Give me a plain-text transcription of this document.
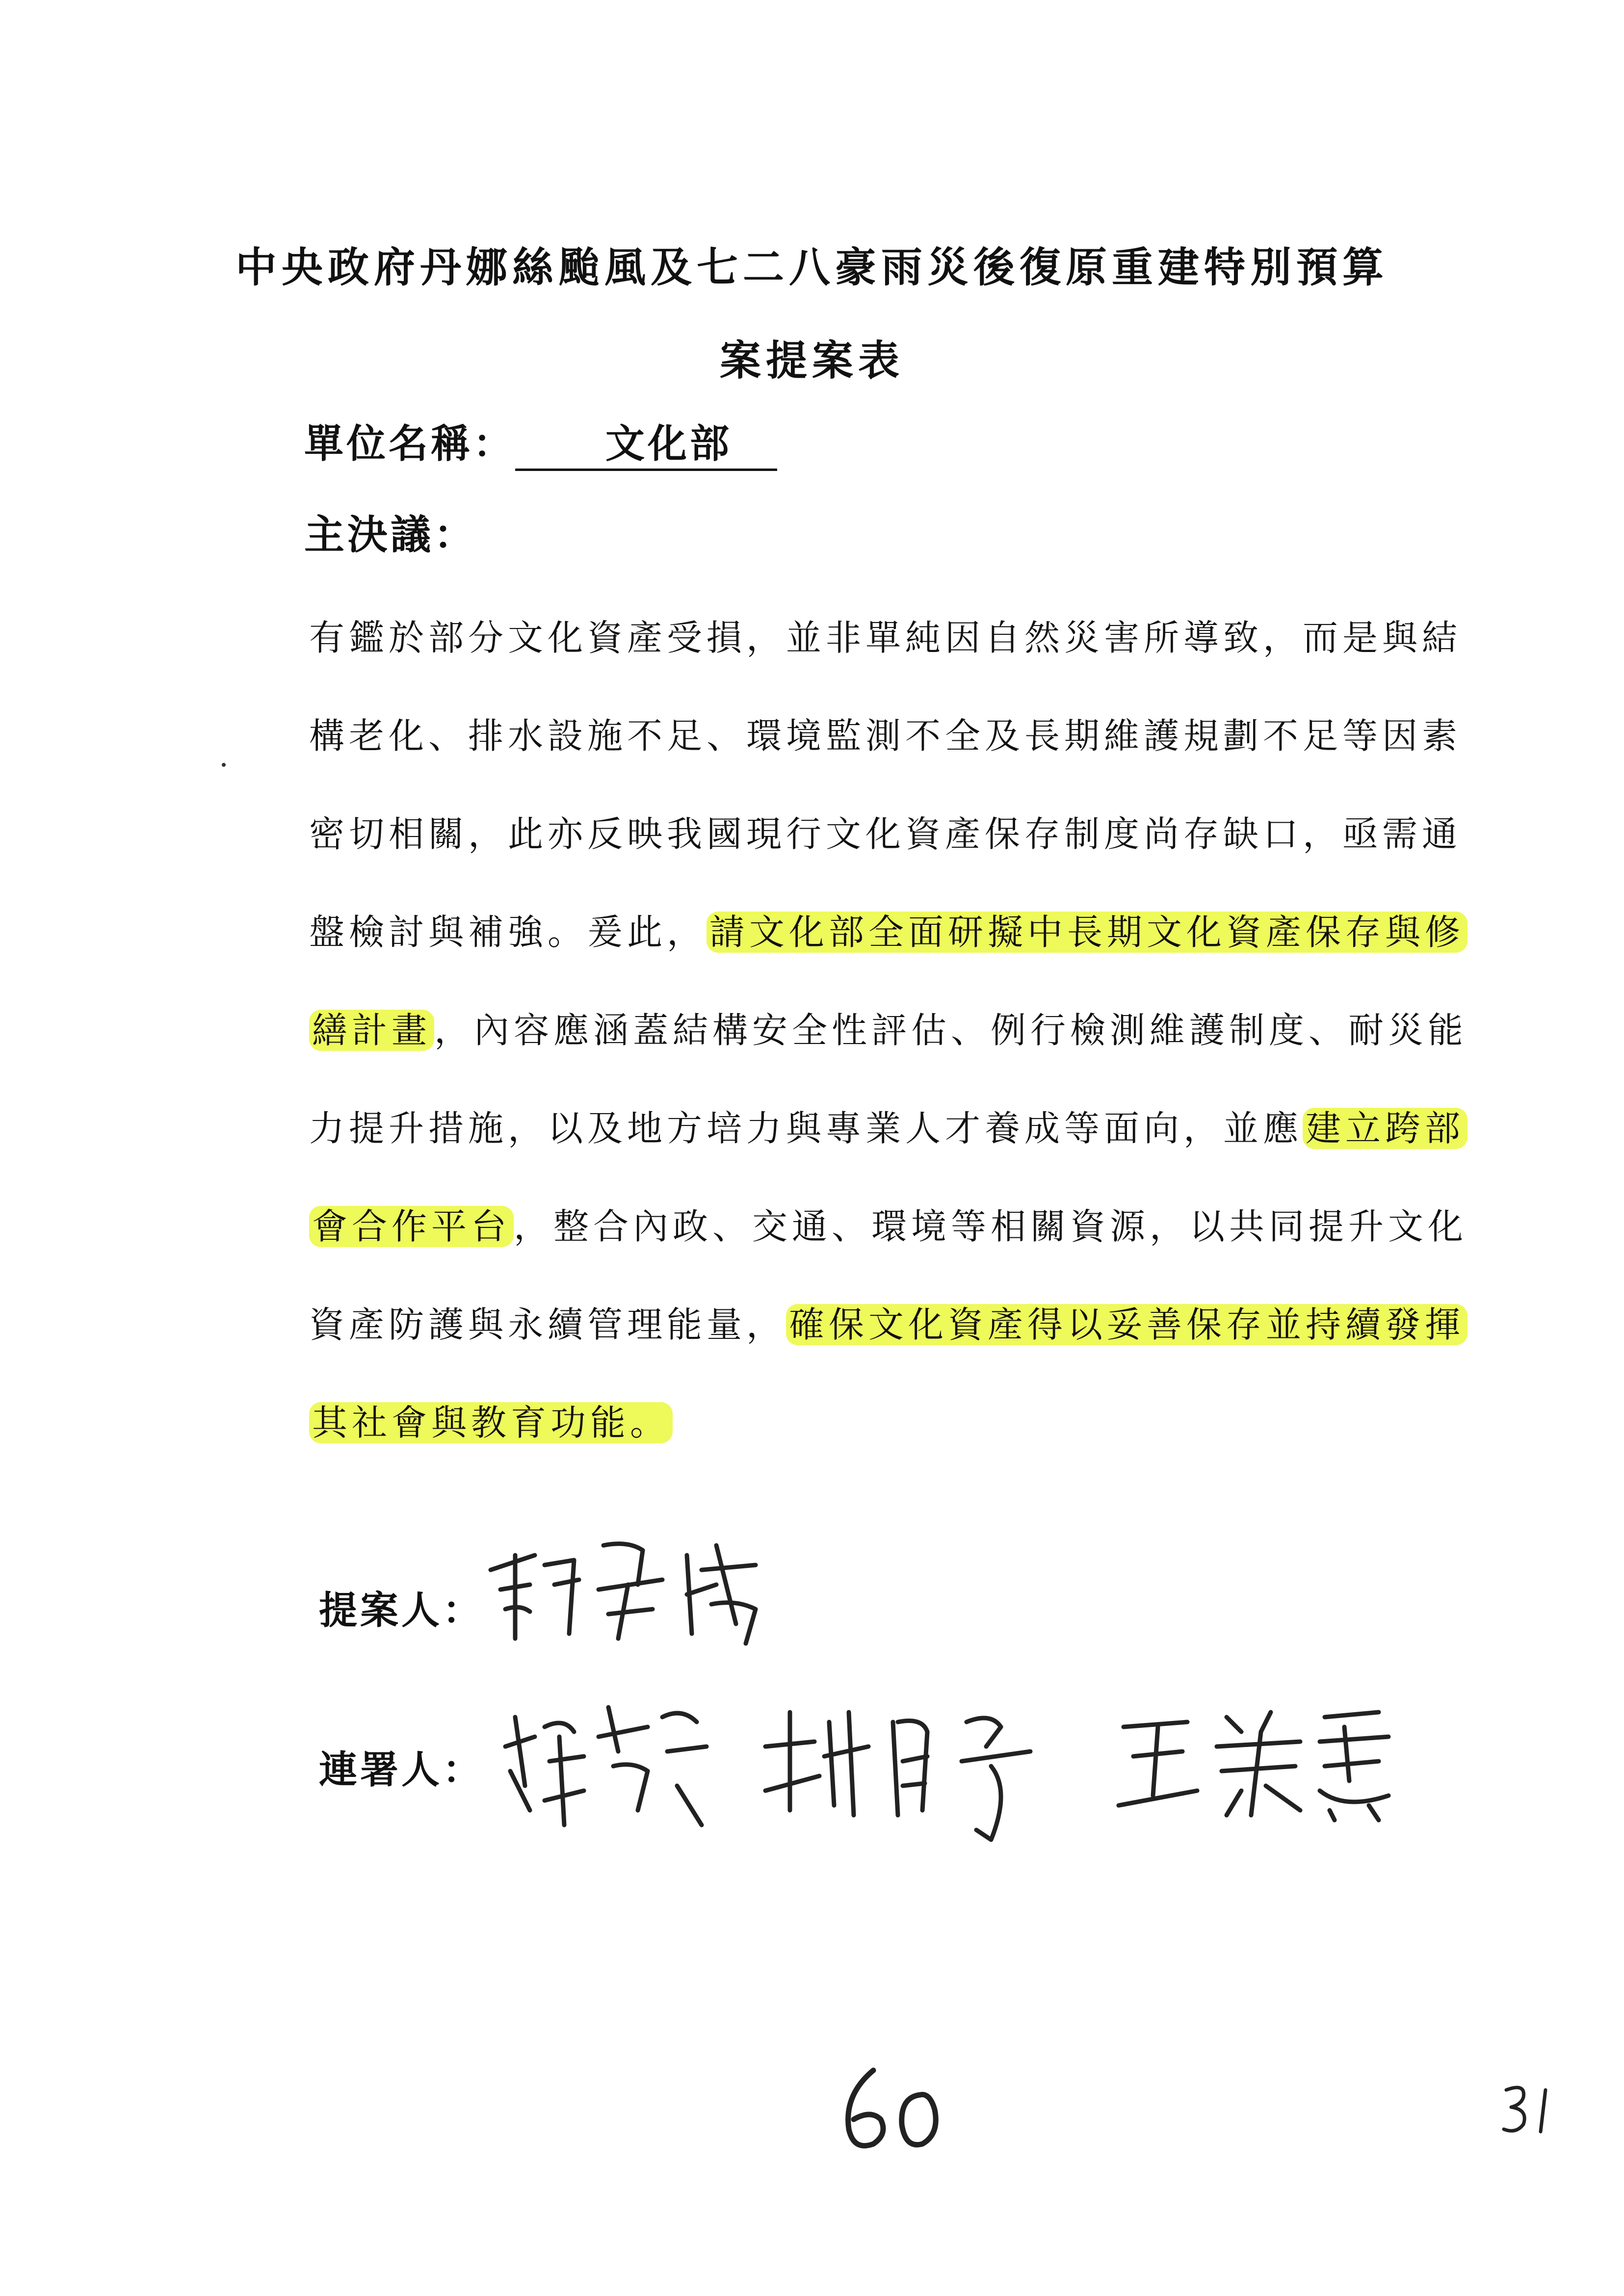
中央政府丹娜絲颱風及七二八豪雨災後復原重建特別預算
案提案表
單位名稱： 文化部
主決議：
有鑑於部分文化資產受損，並非單純因自然災害所導致，而是與結
構老化、排水設施不足、環境監測不全及長期維護規劃不足等因素
密切相關，此亦反映我國現行文化資產保存制度尚存缺口，亟需通
盤檢討與補強。爰此，請文化部全面研擬中長期文化資產保存與修
繕計畫，內容應涵蓋結構安全性評估、例行檢測維護制度、耐災能
力提升措施，以及地方培力與專業人才養成等面向，並應建立跨部
會合作平台，整合內政、交通、環境等相關資源，以共同提升文化
資產防護與永續管理能量，確保文化資產得以妥善保存並持續發揮
其社會與教育功能。
提案人：
連署人：
